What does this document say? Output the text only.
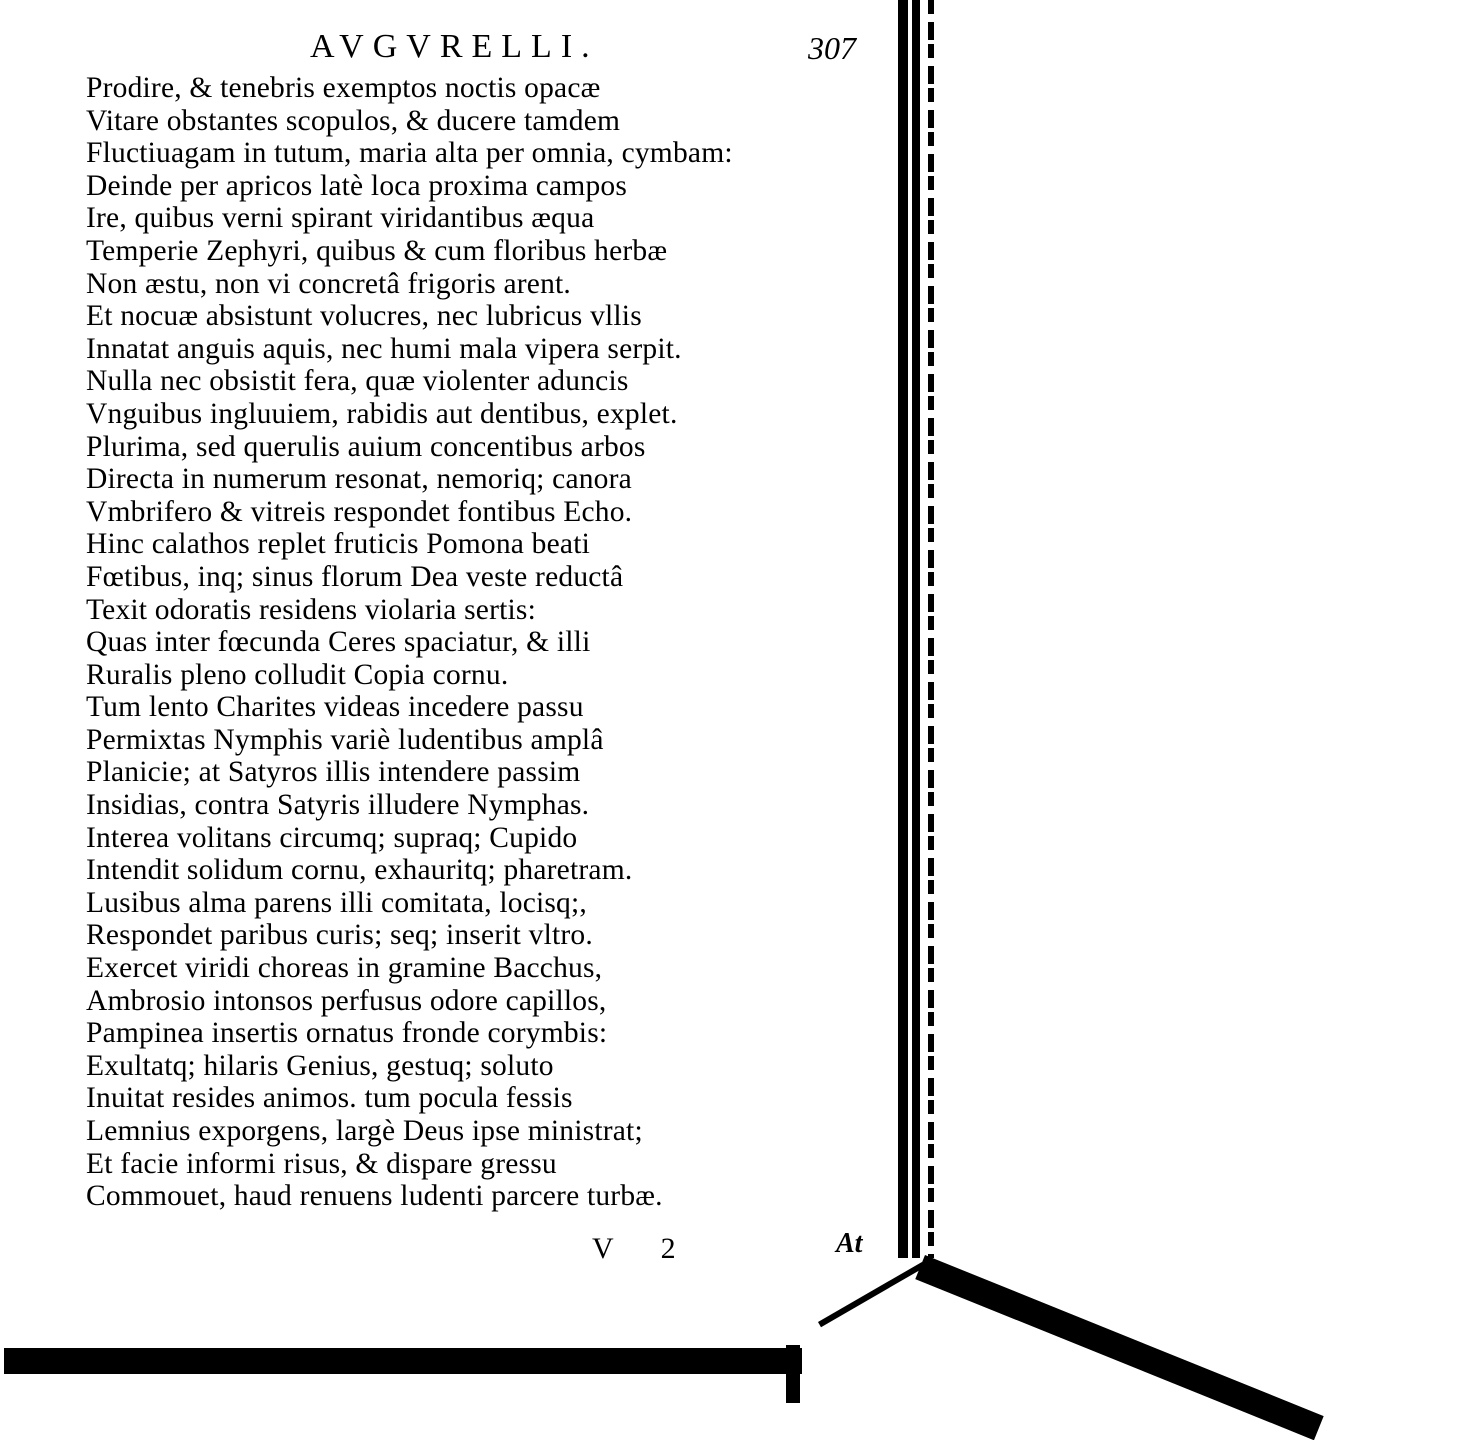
AVGVRELLI.	307
Prodire, & tenebris exemptos noctis opacæ
Vitare obstantes scopulos, & ducere tamdem
Fluctiuagam in tutum, maria alta per omnia, cymbam:
Deinde per apricos latè loca proxima campos
Ire, quibus verni spirant viridantibus æqua
Temperie Zephyri, quibus & cum floribus herbæ
Non æstu, non vi concretâ frigoris arent.
Et nocuæ absistunt volucres, nec lubricus vllis
Innatat anguis aquis, nec humi mala vipera serpit.
Nulla nec obsistit fera, quæ violenter aduncis
Vnguibus ingluuiem, rabidis aut dentibus, explet.
Plurima, sed querulis auium concentibus arbos
Directa in numerum resonat, nemoriq; canora
Vmbrifero & vitreis respondet fontibus Echo.
Hinc calathos replet fruticis Pomona beati
Fœtibus, inq; sinus florum Dea veste reductâ
Texit odoratis residens violaria sertis:
Quas inter fœcunda Ceres spaciatur, & illi
Ruralis pleno colludit Copia cornu.
Tum lento Charites videas incedere passu
Permixtas Nymphis variè ludentibus amplâ
Planicie; at Satyros illis intendere passim
Insidias, contra Satyris illudere Nymphas.
Interea volitans circumq; supraq; Cupido
Intendit solidum cornu, exhauritq; pharetram.
Lusibus alma parens illi comitata, locisq;,
Respondet paribus curis; seq; inserit vltro.
Exercet viridi choreas in gramine Bacchus,
Ambrosio intonsos perfusus odore capillos,
Pampinea insertis ornatus fronde corymbis:
Exultatq; hilaris Genius, gestuq; soluto
Inuitat resides animos. tum pocula fessis
Lemnius exporgens, largè Deus ipse ministrat;
Et facie informi risus, & dispare gressu
Commouet, haud renuens ludenti parcere turbæ.
V 2	At
